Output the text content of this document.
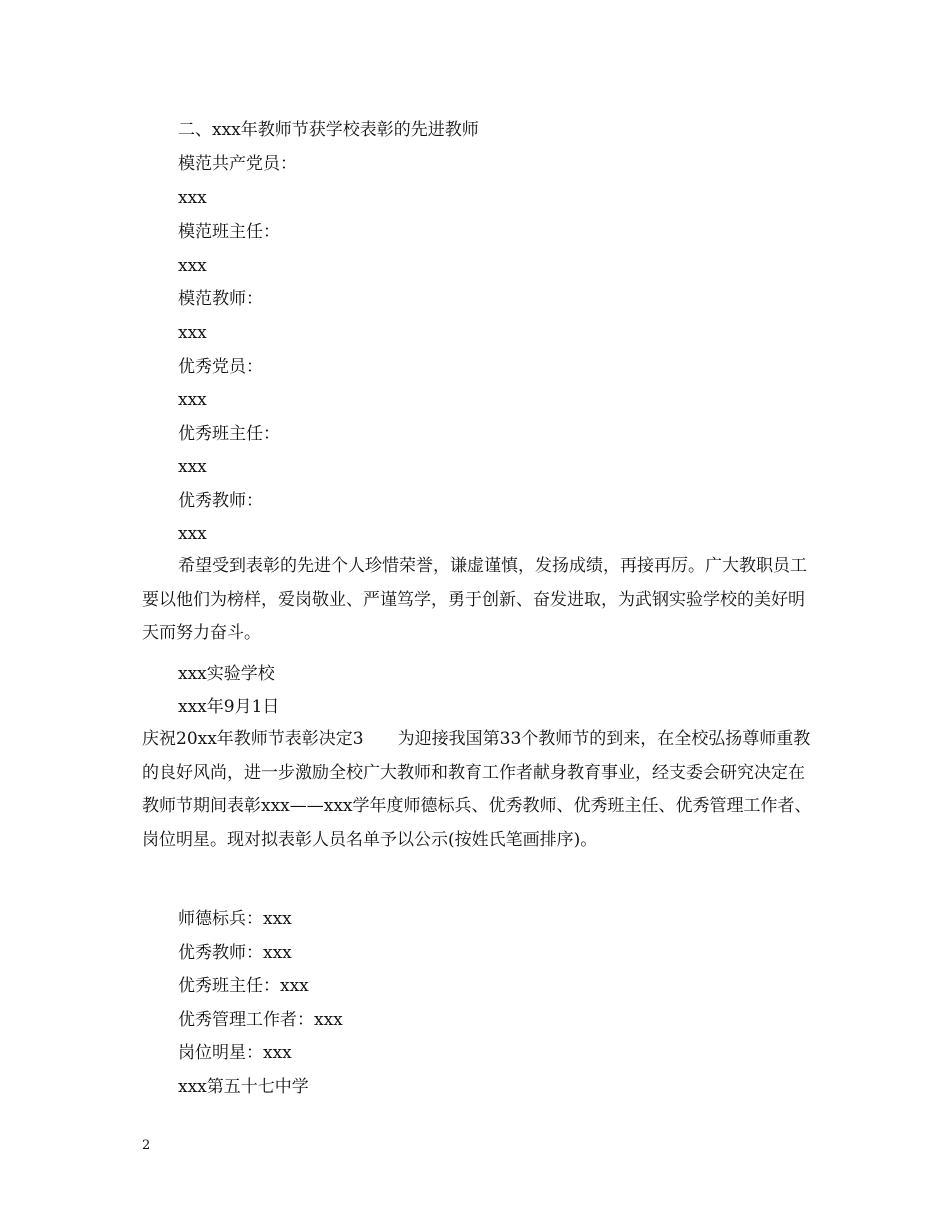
二、xxx年教师节获学校表彰的先进教师
模范共产党员：
xxx
模范班主任：
xxx
模范教师：
xxx
优秀党员：
xxx
优秀班主任：
xxx
优秀教师：
xxx
希望受到表彰的先进个人珍惜荣誉，谦虚谨慎，发扬成绩，再接再厉。广大教职员工要以他们为榜样，爱岗敬业、严谨笃学，勇于创新、奋发进取，为武钢实验学校的美好明天而努力奋斗。
xxx实验学校
xxx年9月1日
庆祝20xx年教师节表彰决定3　　为迎接我国第33个教师节的到来，在全校弘扬尊师重教的良好风尚，进一步激励全校广大教师和教育工作者献身教育事业，经支委会研究决定在教师节期间表彰xxx——xxx学年度师德标兵、优秀教师、优秀班主任、优秀管理工作者、岗位明星。现对拟表彰人员名单予以公示(按姓氏笔画排序)。
师德标兵：xxx
优秀教师：xxx
优秀班主任：xxx
优秀管理工作者：xxx
岗位明星：xxx
xxx第五十七中学
2
